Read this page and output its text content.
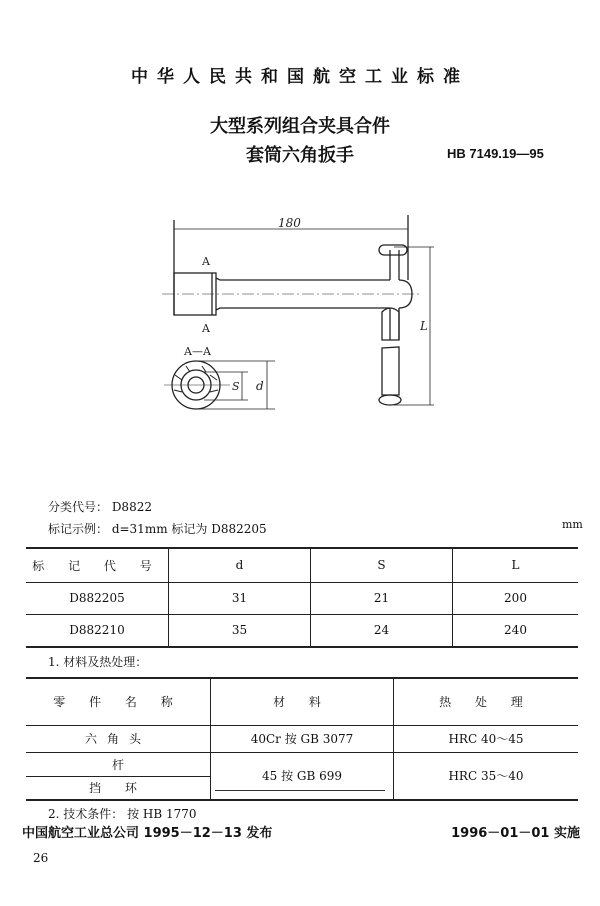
中华人民共和国航空工业标准
大型系列组合夹具合件
套筒六角扳手	HB 7149.19—95
180
L
A
A
A—A
S d
分类代号： D8822
标记示例： d=31mm 标记为 D882205	mm
标 记 代 号	d	S	L
D882205	31	21	200
D882210	35	24	240
1. 材料及热处理：
零 件 名 称	材 料	热 处 理
六角头	40Cr 按 GB 3077	HRC 40～45
杆	45 按 GB 699	HRC 35～40
挡 环		
2. 技术条件： 按 HB 1770
中国航空工业总公司 1995－12－13 发布	1996－01－01 实施
26
